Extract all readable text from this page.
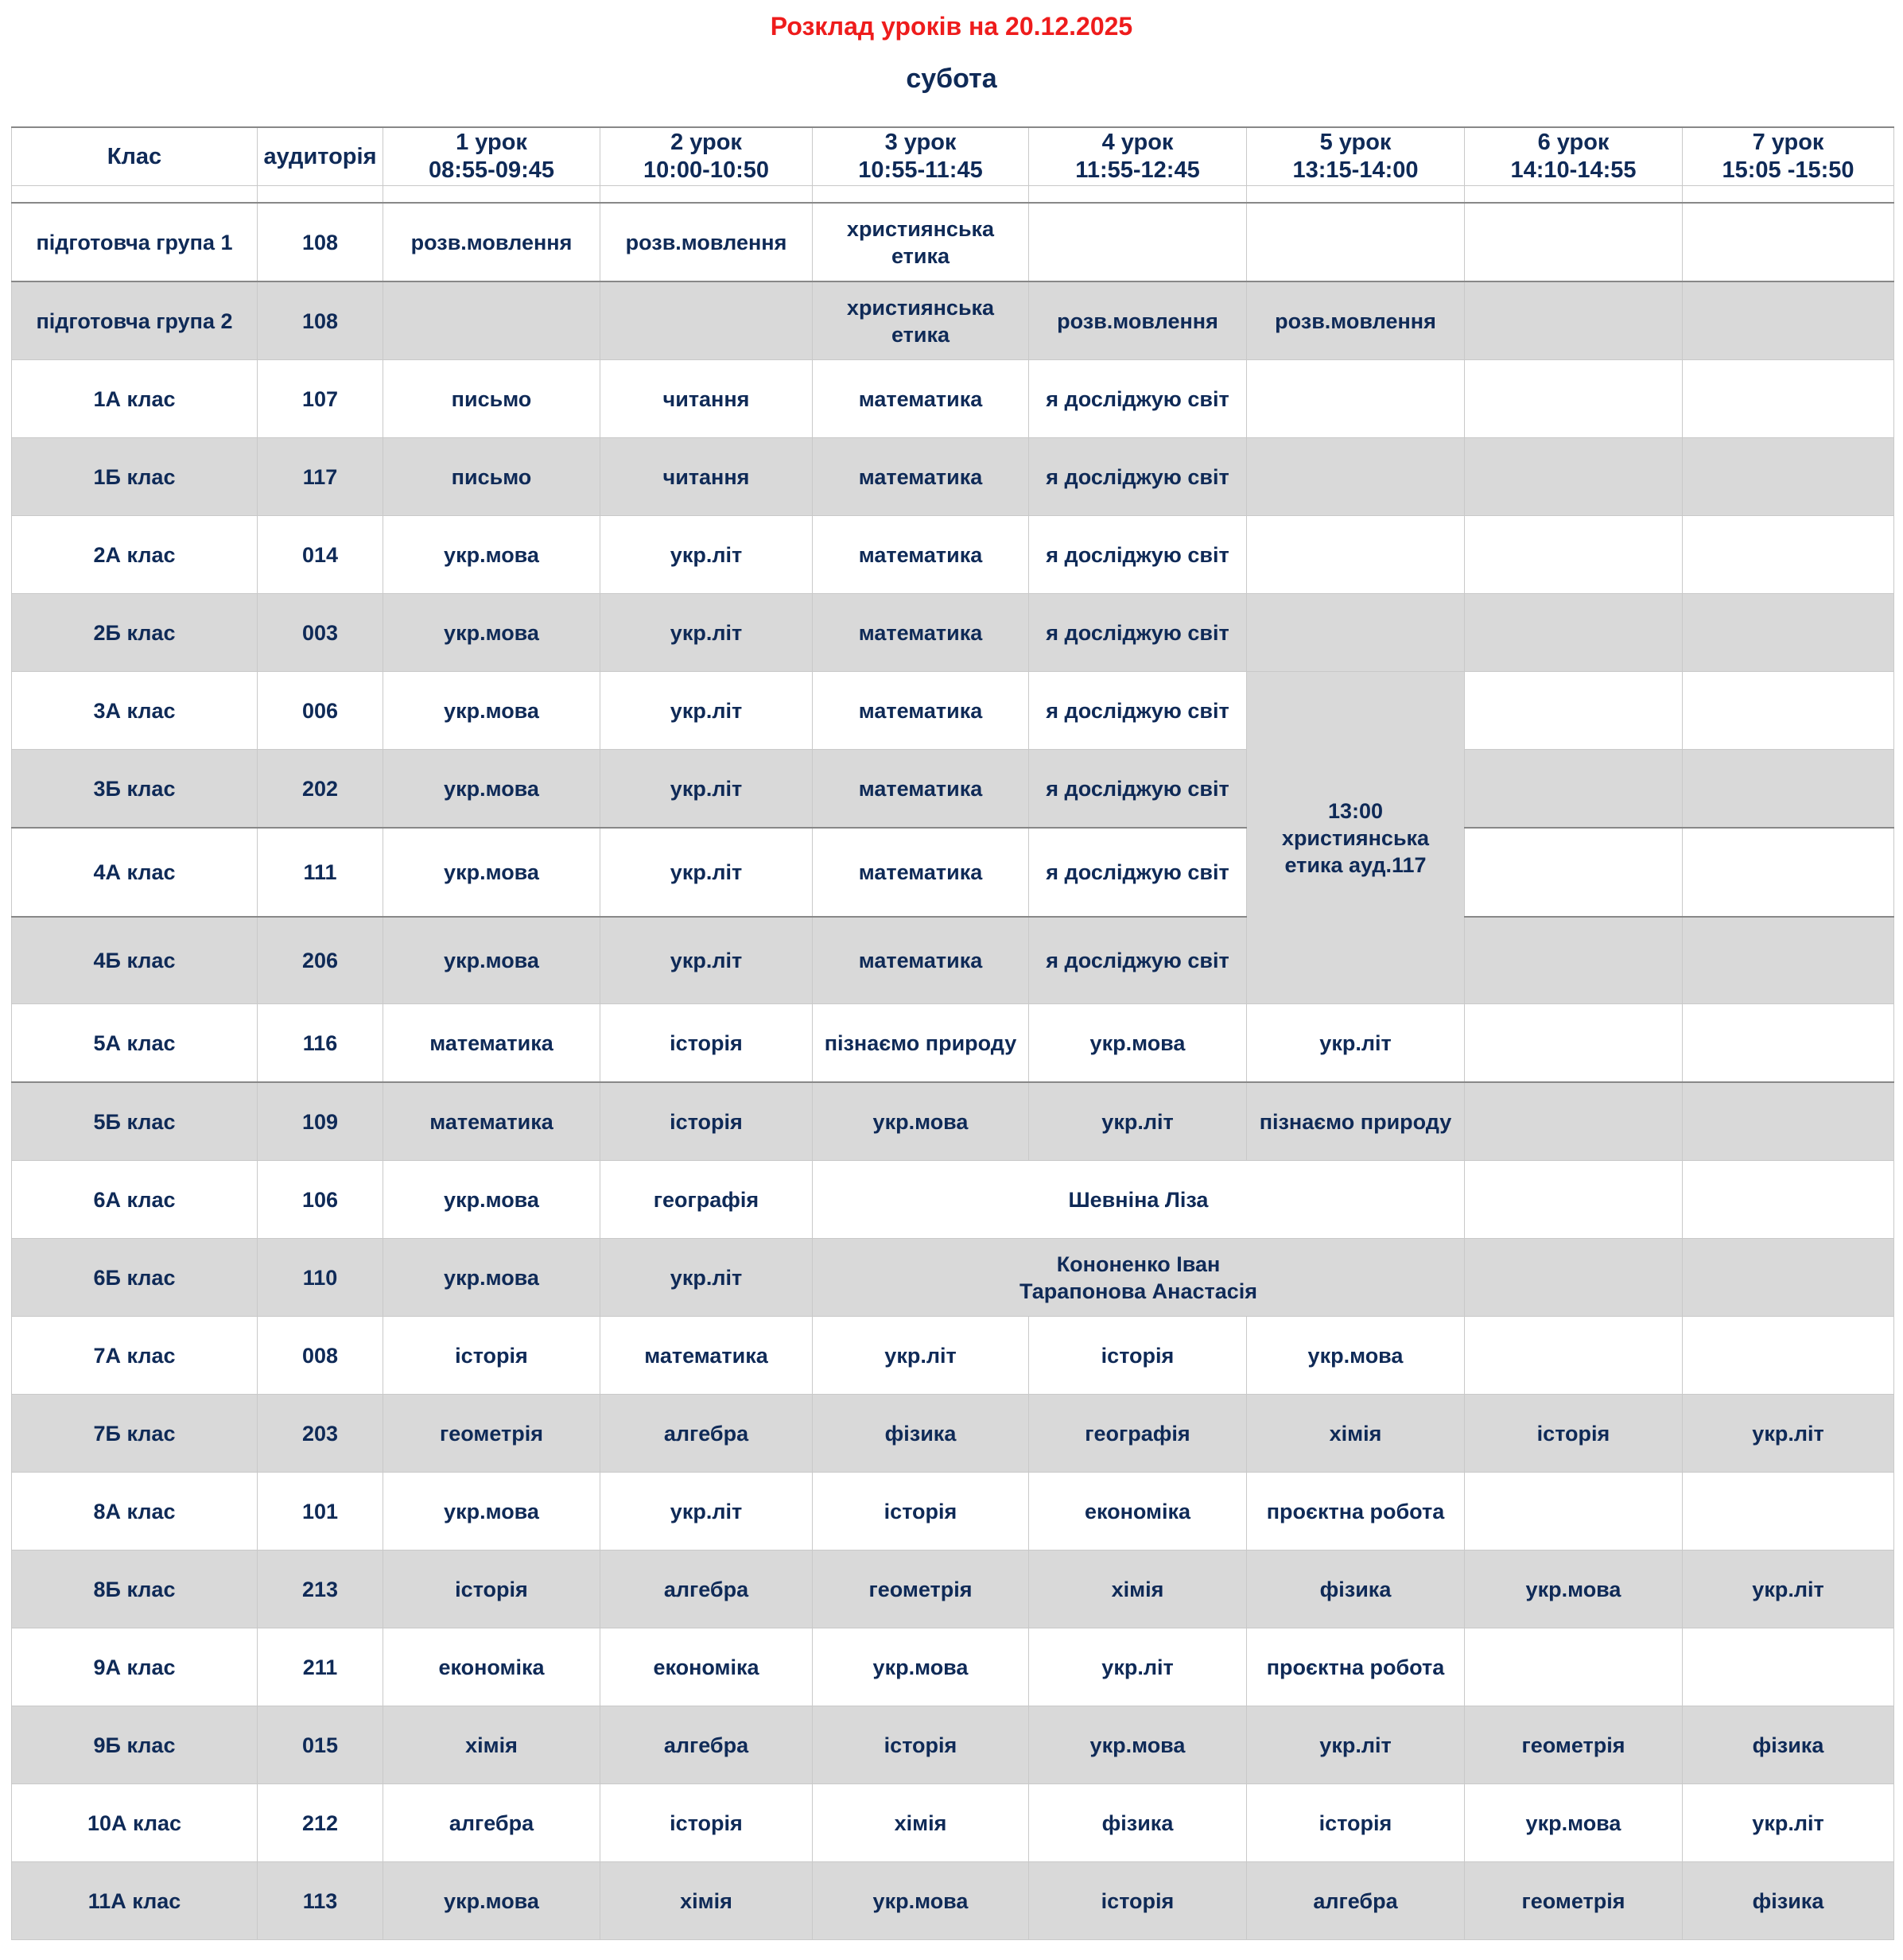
Розклад уроків на 20.12.2025
субота
Клас	аудиторія	1 урок
08:55-09:45	2 урок
10:00-10:50	3 урок
10:55-11:45	4 урок
11:55-12:45	5 урок
13:15-14:00	6 урок
14:10-14:55	7 урок
15:05 -15:50

підготовча група 1	108	розв.мовлення	розв.мовлення	християнська етика				
підготовча група 2	108			християнська етика	розв.мовлення	розв.мовлення		
1А клас	107	письмо	читання	математика	я досліджую світ			
1Б клас	117	письмо	читання	математика	я досліджую світ			
2А клас	014	укр.мова	укр.літ	математика	я досліджую світ			
2Б клас	003	укр.мова	укр.літ	математика	я досліджую світ			
3А клас	006	укр.мова	укр.літ	математика	я досліджую світ	13:00
християнська
етика ауд.117		

3Б клас	202	укр.мова	укр.літ	математика	я досліджую світ			
4А клас	111	укр.мова	укр.літ	математика	я досліджую світ			
4Б клас	206	укр.мова	укр.літ	математика	я досліджую світ			
5А клас	116	математика	історія	пізнаємо природу	укр.мова	укр.літ		
5Б клас	109	математика	історія	укр.мова	укр.літ	пізнаємо природу		
6А клас	106	укр.мова	географія	Шевніна Ліза				
6Б клас	110	укр.мова	укр.літ	Кононенко Іван
Тарапонова Анастасія				

7А клас	008	історія	математика	укр.літ	історія	укр.мова		
7Б клас	203	геометрія	алгебра	фізика	географія	хімія	історія	укр.літ
8А клас	101	укр.мова	укр.літ	історія	економіка	проєктна робота		
8Б клас	213	історія	алгебра	геометрія	хімія	фізика	укр.мова	укр.літ
9А клас	211	економіка	економіка	укр.мова	укр.літ	проєктна робота		
9Б клас	015	хімія	алгебра	історія	укр.мова	укр.літ	геометрія	фізика
10А клас	212	алгебра	історія	хімія	фізика	історія	укр.мова	укр.літ
11А клас	113	укр.мова	хімія	укр.мова	історія	алгебра	геометрія	фізика
